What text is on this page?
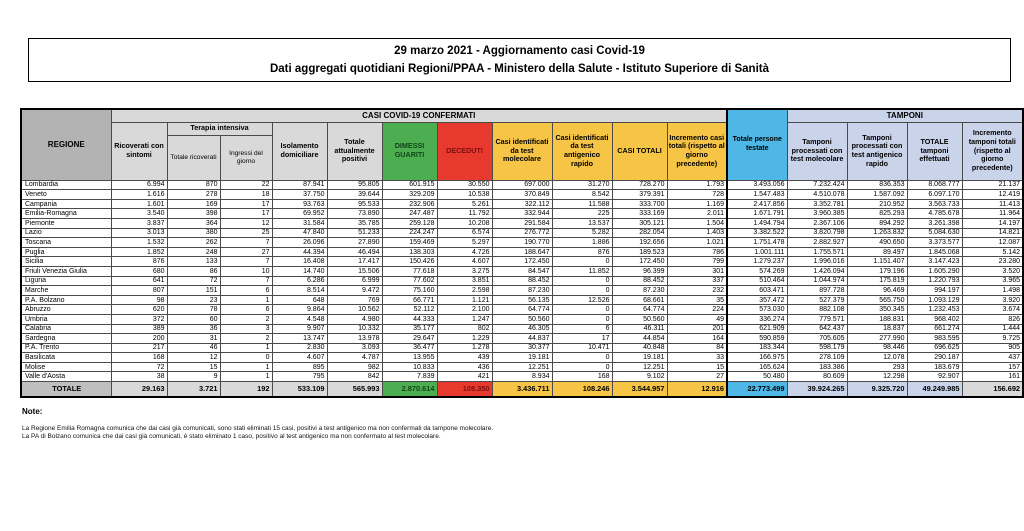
29 marzo 2021 - Aggiornamento casi Covid-19
Dati aggregati quotidiani Regioni/PPAA - Ministero della Salute - Istituto Superiore di Sanità
REGIONE	CASI COVID-19 CONFERMATI											Totale persone testate	TAMPONI			
	Ricoverati con sintomi	Terapia intensiva		Isolamento domiciliare	Totale attualmente positivi	DIMESSI GUARITI	DECEDUTI	Casi identificati da test molecolare	Casi identificati da test antigenico rapido	CASI TOTALI	Incremento casi totali (rispetto al giorno precedente)		Tamponi processati con test molecolare	Tamponi processati con test antigenico rapido	TOTALE tamponi effettuati	Incremento tamponi totali (rispetto al giorno precedente)
		Totale ricoverati	Ingressi del giorno													
Lombardia	6.994	870	22	87.941	95.805	601.915	30.550	697.000	31.270	728.270	1.793	3.493.056	7.232.424	836.353	8.068.777	21.137
Veneto	1.616	278	18	37.750	39.644	329.209	10.538	370.849	8.542	379.391	728	1.547.483	4.510.078	1.587.092	6.097.170	12.419
Campania	1.601	169	17	93.763	95.533	232.906	5.261	322.112	11.588	333.700	1.169	2.417.856	3.352.781	210.952	3.563.733	11.413
Emilia-Romagna	3.540	398	17	69.952	73.890	247.487	11.792	332.944	225	333.169	2.011	1.671.791	3.960.385	825.293	4.785.678	11.964
Piemonte	3.837	364	12	31.584	35.785	259.128	10.208	291.584	13.537	305.121	1.504	1.494.794	2.367.106	894.292	3.261.398	14.197
Lazio	3.013	380	25	47.840	51.233	224.247	6.574	276.772	5.282	282.054	1.403	3.382.522	3.820.798	1.263.832	5.084.630	14.821
Toscana	1.532	262	7	26.096	27.890	159.469	5.297	190.770	1.886	192.656	1.021	1.751.478	2.882.927	490.650	3.373.577	12.087
Puglia	1.852	248	27	44.394	46.494	138.303	4.726	188.647	876	189.523	786	1.001.111	1.755.571	89.497	1.845.068	5.142
Sicilia	876	133	7	16.408	17.417	150.426	4.607	172.450	0	172.450	799	1.279.237	1.996.016	1.151.407	3.147.423	23.280
Friuli Venezia Giulia	680	86	10	14.740	15.506	77.618	3.275	84.547	11.852	96.399	301	574.269	1.426.094	179.196	1.605.290	3.520
Liguria	641	72	7	6.286	6.999	77.602	3.851	88.452	0	88.452	337	510.464	1.044.974	175.819	1.220.793	3.965
Marche	807	151	6	8.514	9.472	75.160	2.598	87.230	0	87.230	232	603.471	897.728	96.469	994.197	1.498
P.A. Bolzano	98	23	1	648	769	66.771	1.121	56.135	12.526	68.661	35	357.472	527.379	565.750	1.093.129	3.920
Abruzzo	620	78	6	9.864	10.562	52.112	2.100	64.774	0	64.774	224	573.030	882.108	350.345	1.232.453	3.674
Umbria	372	60	2	4.548	4.980	44.333	1.247	50.560	0	50.560	49	336.274	779.571	188.831	968.402	826
Calabria	389	36	3	9.907	10.332	35.177	802	46.305	6	46.311	201	621.909	642.437	18.837	661.274	1.444
Sardegna	200	31	2	13.747	13.978	29.647	1.229	44.837	17	44.854	164	590.859	705.605	277.990	983.595	9.725
P.A. Trento	217	46	1	2.830	3.093	36.477	1.278	30.377	10.471	40.848	84	183.344	598.179	98.446	696.625	905
Basilicata	168	12	0	4.607	4.787	13.955	439	19.181	0	19.181	33	166.975	278.109	12.078	290.187	437
Molise	72	15	1	895	982	10.833	436	12.251	0	12.251	15	165.624	183.386	293	183.679	157
Valle d'Aosta	38	9	1	795	842	7.839	421	8.934	168	9.102	27	50.480	80.609	12.298	92.907	161
TOTALE	29.163	3.721	192	533.109	565.993	2.870.614	108.350	3.436.711	108.246	3.544.957	12.916	22.773.499	39.924.265	9.325.720	49.249.985	156.692
Note:
La Regione Emilia Romagna comunica che dai casi già comunicati, sono stati eliminati 15 casi, positivi a test antigenico ma non confermati da tampone molecolare.
La PA di Bolzano comunica che dai casi già comunicati, è stato eliminato 1 caso, positivo al test antigenico ma non confermato al test molecolare.
